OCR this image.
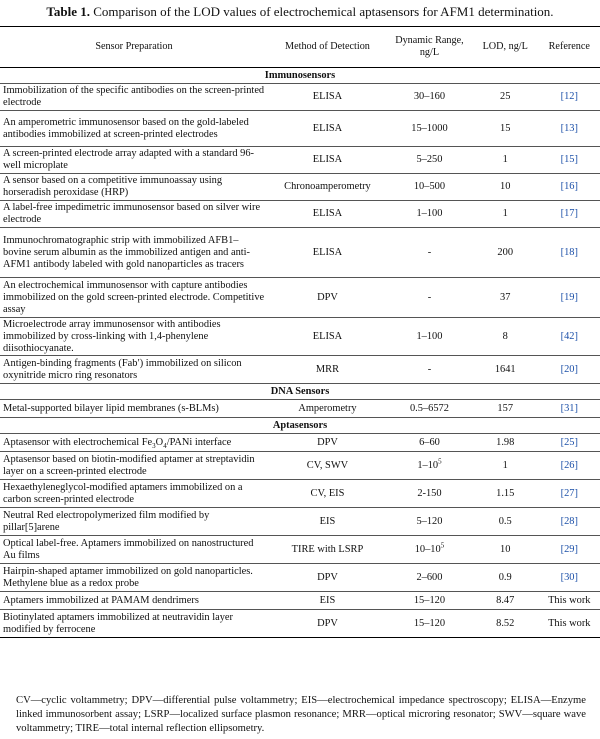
Table 1. Comparison of the LOD values of electrochemical aptasensors for AFM1 determination.
Sensor Preparation	Method of Detection	Dynamic Range, ng/L	LOD, ng/L	Reference
Immunosensors				
Immobilization of the specific antibodies on the screen-printed electrode	ELISA	30–160	25	[12]
An amperometric immunosensor based on the gold-labeled antibodies immobilized at screen-printed electrodes	ELISA	15–1000	15	[13]
A screen-printed electrode array adapted with a standard 96-well microplate	ELISA	5–250	1	[15]
A sensor based on a competitive immunoassay using horseradish peroxidase (HRP)	Chronoamperometry	10–500	10	[16]
A label-free impedimetric immunosensor based on silver wire electrode	ELISA	1–100	1	[17]
Immunochromatographic strip with immobilized AFB1–bovine serum albumin as the immobilized antigen and anti-AFM1 antibody labeled with gold nanoparticles as tracers	ELISA	-	200	[18]
An electrochemical immunosensor with capture antibodies immobilized on the gold screen-printed electrode. Competitive assay	DPV	-	37	[19]
Microelectrode array immunosensor with antibodies immobilized by cross-linking with 1,4-phenylene diisothiocyanate.	ELISA	1–100	8	[42]
Antigen-binding fragments (Fab′) immobilized on silicon oxynitride micro ring resonators	MRR	-	1641	[20]
DNA Sensors				
Metal-supported bilayer lipid membranes (s-BLMs)	Amperometry	0.5–6572	157	[31]
Aptasensors				
Aptasensor with electrochemical $Fe_3O_4$/PANi interface	DPV	6–60	1.98	[25]
Aptasensor based on biotin-modified aptamer at streptavidin layer on a screen-printed electrode	CV, SWV	$1-10^5$	1	[26]
Hexaethyleneglycol-modified aptamers immobilized on a carbon screen-printed electrode	CV, EIS	2-150	1.15	[27]
Neutral Red electropolymerized film modified by pillar[5]arene	EIS	5–120	0.5	[28]
Optical label-free. Aptamers immobilized on nanostructured Au films	TIRE with LSRP	$10-10^5$	10	[29]
Hairpin-shaped aptamer immobilized on gold nanoparticles. Methylene blue as a redox probe	DPV	2–600	0.9	[30]
Aptamers immobilized at PAMAM dendrimers	EIS	15–120	8.47	This work
Biotinylated aptamers immobilized at neutravidin layer modified by ferrocene	DPV	15–120	8.52	This work
CV—cyclic voltammetry; DPV—differential pulse voltammetry; EIS—electrochemical impedance spectroscopy; ELISA—Enzyme linked immunosorbent assay; LSRP—localized surface plasmon resonance; MRR—optical microring resonator; SWV—square wave voltammetry; TIRE—total internal reflection ellipsometry.
